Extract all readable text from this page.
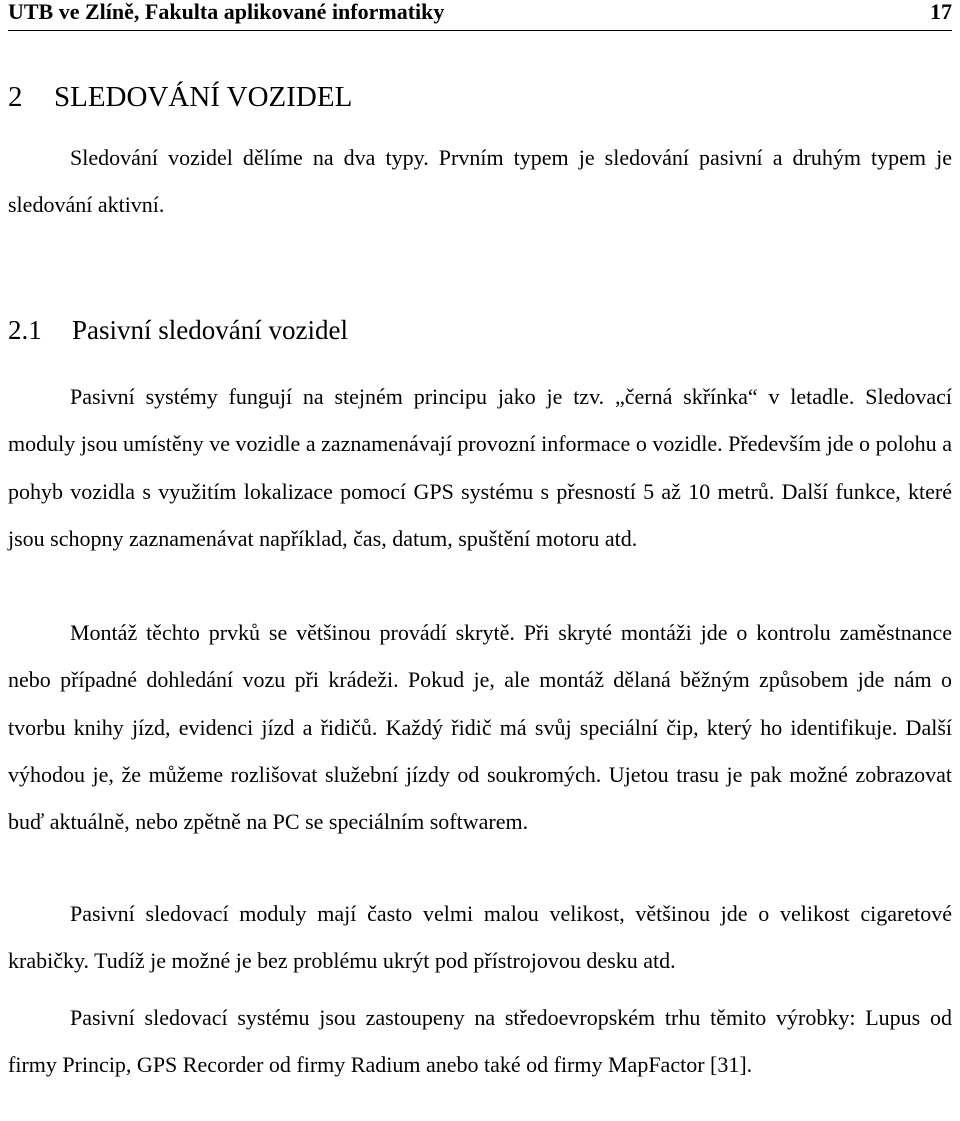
UTB ve Zlíně, Fakulta aplikované informatiky	17
2 SLEDOVÁNÍ VOZIDEL

Sledování vozidel dělíme na dva typy. Prvním typem je sledování pasivní a druhým typem je sledování aktivní.

2.1 Pasivní sledování vozidel

Pasivní systémy fungují na stejném principu jako je tzv. „černá skřínka“ v letadle. Sledovací moduly jsou umístěny ve vozidle a zaznamenávají provozní informace o vozidle. Především jde o polohu a pohyb vozidla s využitím lokalizace pomocí GPS systému s přesností 5 až 10 metrů. Další funkce, které jsou schopny zaznamenávat například, čas, datum, spuštění motoru atd.

Montáž těchto prvků se většinou provádí skrytě. Při skryté montáži jde o kontrolu zaměstnance nebo případné dohledání vozu při krádeži. Pokud je, ale montáž dělaná běžným způsobem jde nám o tvorbu knihy jízd, evidenci jízd a řidičů. Každý řidič má svůj speciální čip, který ho identifikuje. Další výhodou je, že můžeme rozlišovat služební jízdy od soukromých. Ujetou trasu je pak možné zobrazovat buď aktuálně, nebo zpětně na PC se speciálním softwarem.

Pasivní sledovací moduly mají často velmi malou velikost, většinou jde o velikost cigaretové krabičky. Tudíž je možné je bez problému ukrýt pod přístrojovou desku atd.

Pasivní sledovací systému jsou zastoupeny na středoevropském trhu těmito výrobky: Lupus od firmy Princip, GPS Recorder od firmy Radium anebo také od firmy MapFactor [31].
